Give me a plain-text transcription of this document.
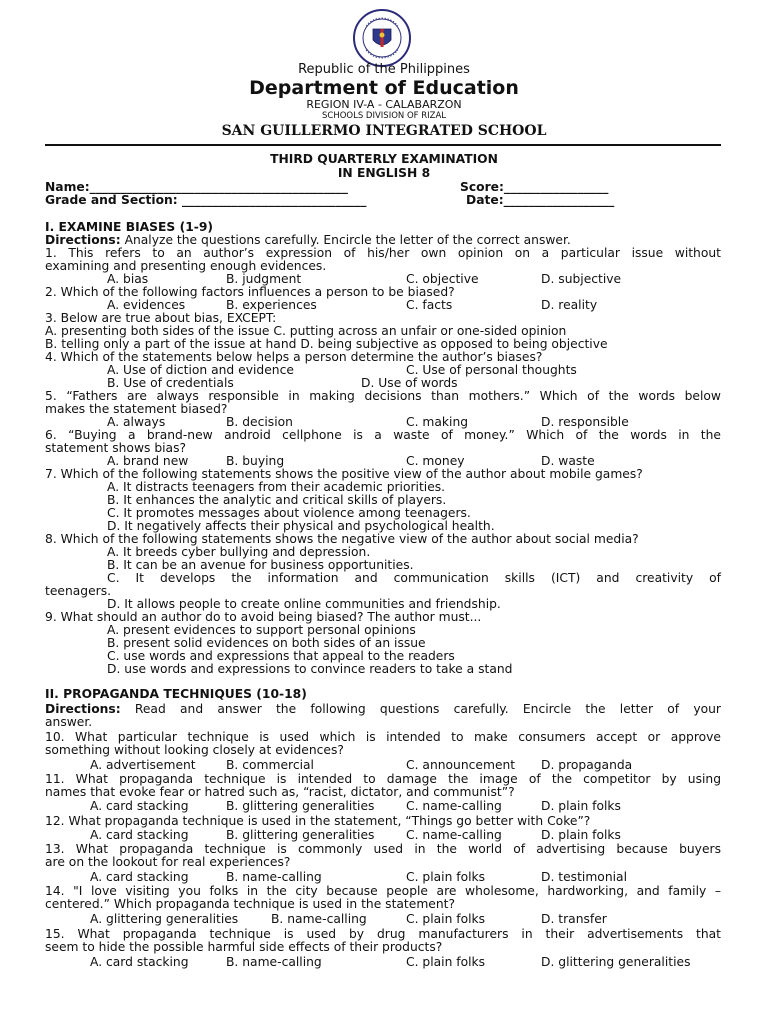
Republic of the Philippines
Department of Education
REGION IV-A - CALABARZON
SCHOOLS DIVISION OF RIZAL
SAN GUILLERMO INTEGRATED SCHOOL
THIRD QUARTERLY EXAMINATION
IN ENGLISH 8
Name:__________________________________________	Score:_________________
Grade and Section: ______________________________	Date:__________________
I. EXAMINE BIASES (1-9)
Directions: Analyze the questions carefully. Encircle the letter of the correct answer.
1. This refers to an author’s expression of his/her own opinion on a particular issue without
examining and presenting enough evidences.
A. bias	B. judgment	C. objective	D. subjective
2. Which of the following factors influences a person to be biased?
A. evidences	B. experiences	C. facts	D. reality
3. Below are true about bias, EXCEPT:
A. presenting both sides of the issue C. putting across an unfair or one-sided opinion
B. telling only a part of the issue at hand D. being subjective as opposed to being objective
4. Which of the statements below helps a person determine the author’s biases?
A. Use of diction and evidence	C. Use of personal thoughts
B. Use of credentials	D. Use of words
5. “Fathers are always responsible in making decisions than mothers.” Which of the words below
makes the statement biased?
A. always	B. decision	C. making	D. responsible
6. “Buying a brand-new android cellphone is a waste of money.” Which of the words in the
statement shows bias?
A. brand new	B. buying	C. money	D. waste
7. Which of the following statements shows the positive view of the author about mobile games?
A. It distracts teenagers from their academic priorities.
B. It enhances the analytic and critical skills of players.
C. It promotes messages about violence among teenagers.
D. It negatively affects their physical and psychological health.
8. Which of the following statements shows the negative view of the author about social media?
A. It breeds cyber bullying and depression.
B. It can be an avenue for business opportunities.
C. It develops the information and communication skills (ICT) and creativity of
teenagers.
D. It allows people to create online communities and friendship.
9. What should an author do to avoid being biased? The author must...
A. present evidences to support personal opinions
B. present solid evidences on both sides of an issue
C. use words and expressions that appeal to the readers
D. use words and expressions to convince readers to take a stand
II. PROPAGANDA TECHNIQUES (10-18)
Directions: Read and answer the following questions carefully. Encircle the letter of your
answer.
10. What particular technique is used which is intended to make consumers accept or approve
something without looking closely at evidences?
A. advertisement B. commercial	C. announcement D. propaganda
11. What propaganda technique is intended to damage the image of the competitor by using
names that evoke fear or hatred such as, “racist, dictator, and communist”?
A. card stacking	B. glittering generalities	C. name-calling	D. plain folks
12. What propaganda technique is used in the statement, “Things go better with Coke”?
A. card stacking	B. glittering generalities	C. name-calling	D. plain folks
13. What propaganda technique is commonly used in the world of advertising because buyers
are on the lookout for real experiences?
A. card stacking	B. name-calling	C. plain folks	D. testimonial
14. "I love visiting you folks in the city because people are wholesome, hardworking, and family –
centered.” Which propaganda technique is used in the statement?
A. glittering generalities	B. name-calling	C. plain folks	D. transfer
15. What propaganda technique is used by drug manufacturers in their advertisements that
seem to hide the possible harmful side effects of their products?
A. card stacking	B. name-calling	C. plain folks	D. glittering generalities
